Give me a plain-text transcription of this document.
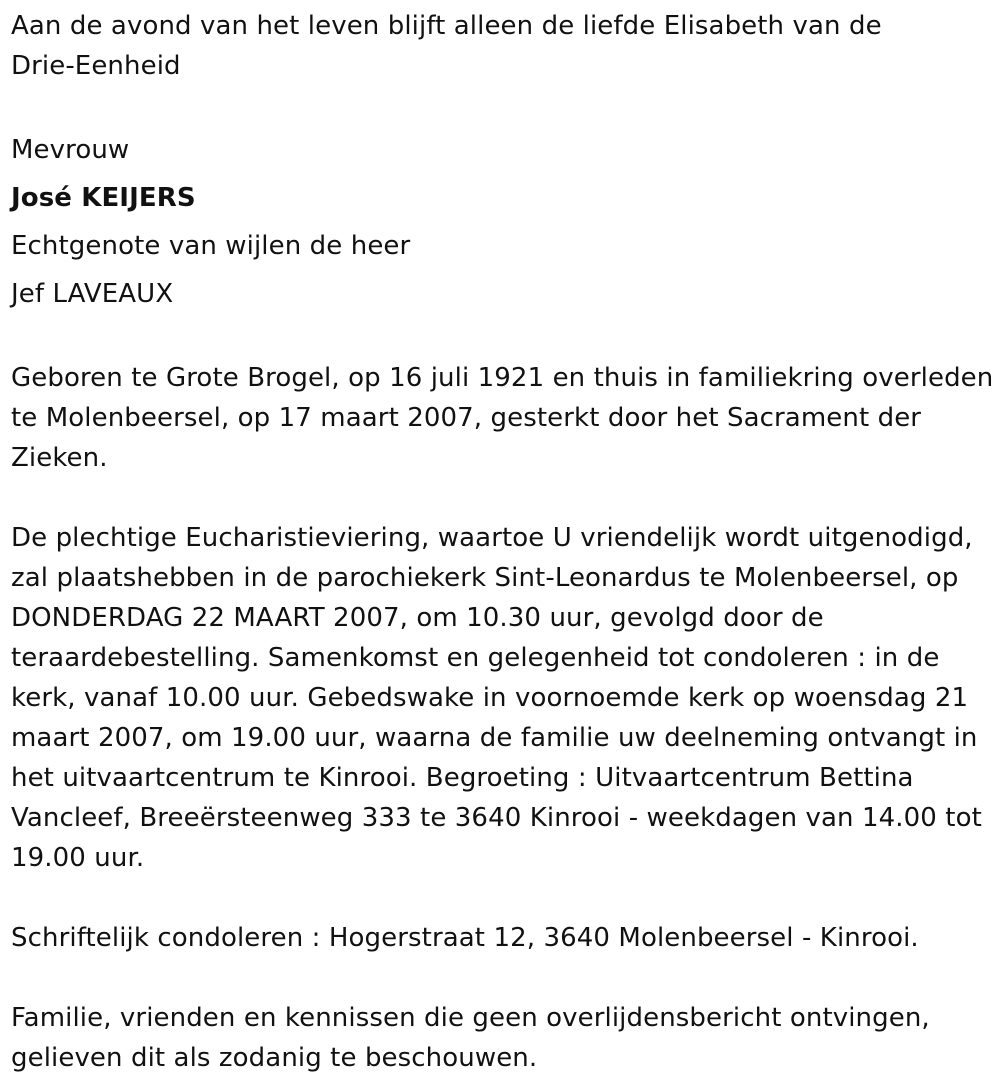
Aan de avond van het leven blijft alleen de liefde Elisabeth van de
Drie-Eenheid

Mevrouw
José KEIJERS
Echtgenote van wijlen de heer
Jef LAVEAUX

Geboren te Grote Brogel, op 16 juli 1921 en thuis in familiekring overleden
te Molenbeersel, op 17 maart 2007, gesterkt door het Sacrament der
Zieken.

De plechtige Eucharistieviering, waartoe U vriendelijk wordt uitgenodigd,
zal plaatshebben in de parochiekerk Sint-Leonardus te Molenbeersel, op
DONDERDAG 22 MAART 2007, om 10.30 uur, gevolgd door de
teraardebestelling. Samenkomst en gelegenheid tot condoleren : in de
kerk, vanaf 10.00 uur. Gebedswake in voornoemde kerk op woensdag 21
maart 2007, om 19.00 uur, waarna de familie uw deelneming ontvangt in
het uitvaartcentrum te Kinrooi. Begroeting : Uitvaartcentrum Bettina
Vancleef, Breeërsteenweg 333 te 3640 Kinrooi - weekdagen van 14.00 tot
19.00 uur.

Schriftelijk condoleren : Hogerstraat 12, 3640 Molenbeersel - Kinrooi.

Familie, vrienden en kennissen die geen overlijdensbericht ontvingen,
gelieven dit als zodanig te beschouwen.
